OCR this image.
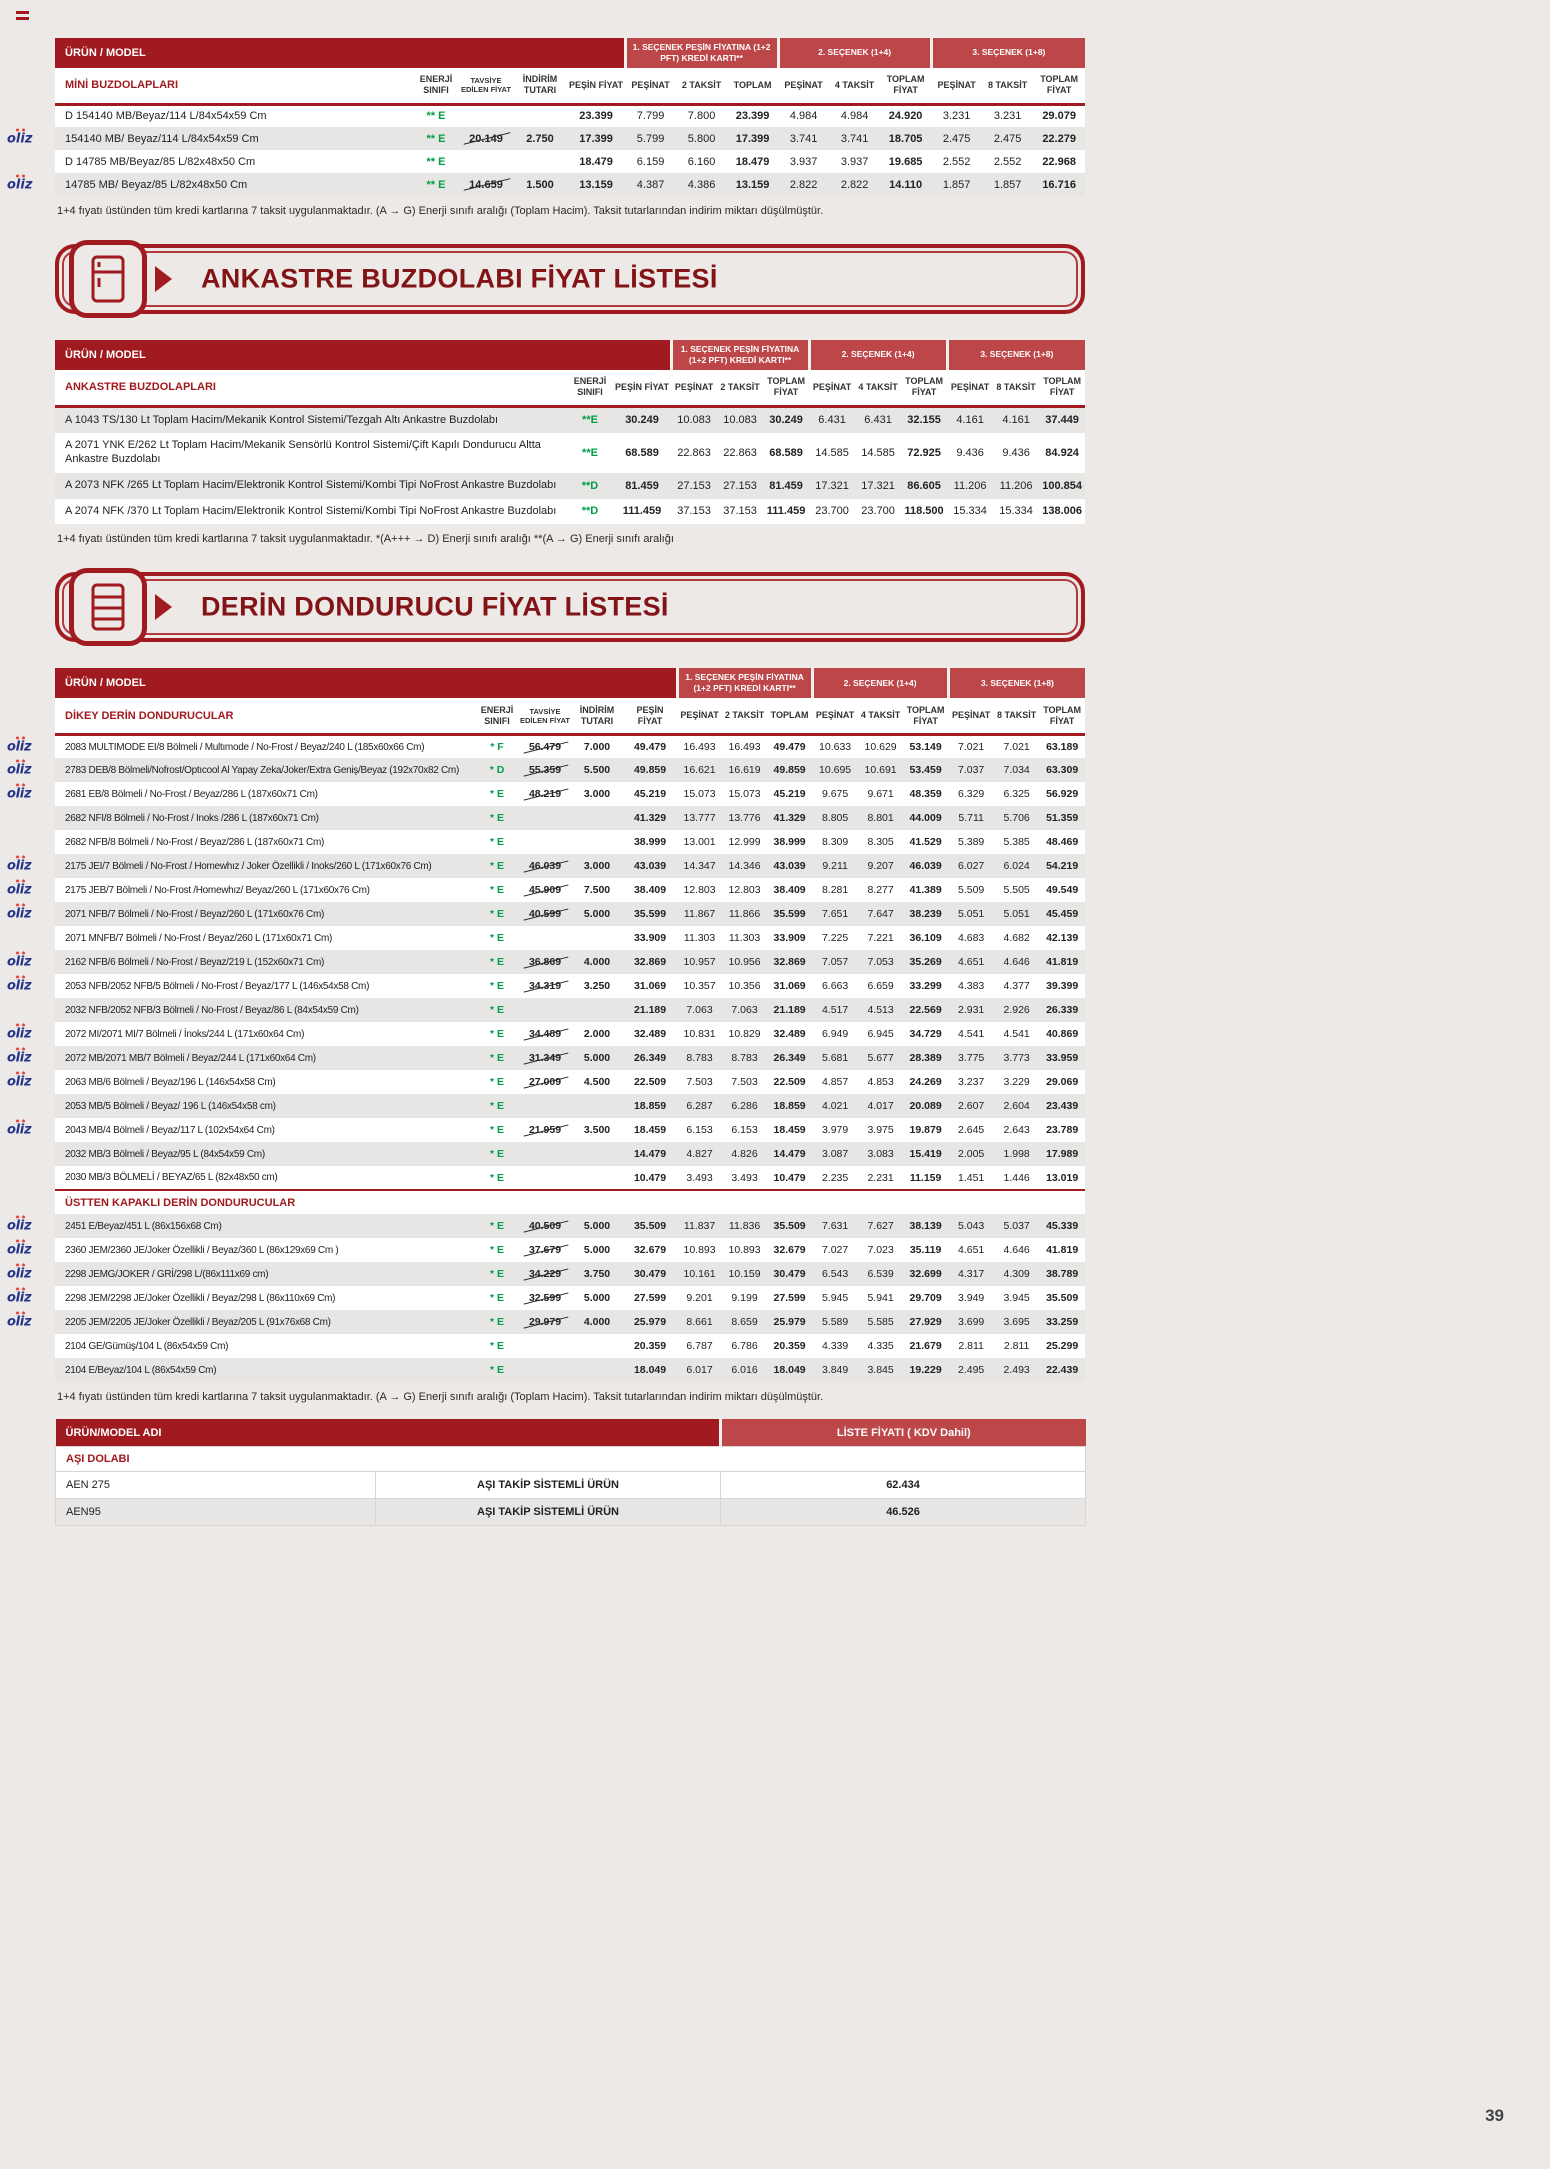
ÜRÜN / MODEL					1. SEÇENEK PEŞİN FİYATINA (1+2 PFT) KREDİ KARTI**			2. SEÇENEK (1+4)			3. SEÇENEK (1+8)		
MİNİ BUZDOLAPLARI	ENERJİ SINIFI	TAVSİYE EDİLEN FİYAT	İNDİRİM TUTARI	PEŞİN FİYAT	PEŞİNAT	2 TAKSİT	TOPLAM	PEŞİNAT	4 TAKSİT	TOPLAM FİYAT	PEŞİNAT	8 TAKSİT	TOPLAM FİYAT
D 154140 MB/Beyaz/114 L/84x54x59 Cm	** E			23.399	7.799	7.800	23.399	4.984	4.984	24.920	3.231	3.231	29.079

oliz 154140 MB/ Beyaz/114 L/84x54x59 Cm	** E	20.149	2.750	17.399	5.799	5.800	17.399	3.741	3.741	18.705	2.475	2.475	22.279
D 14785 MB/Beyaz/85 L/82x48x50 Cm	** E			18.479	6.159	6.160	18.479	3.937	3.937	19.685	2.552	2.552	22.968

oliz 14785 MB/ Beyaz/85 L/82x48x50 Cm	** E	14.659	1.500	13.159	4.387	4.386	13.159	2.822	2.822	14.110	1.857	1.857	16.716

1+4 fıyatı üstünden tüm kredi kartlarına 7 taksit uygulanmaktadır. (A → G) Enerji sınıfı aralığı (Toplam Hacim). Taksit tutarlarından indirim miktarı düşülmüştür.

ANKASTRE BUZDOLABI FİYAT LİSTESİ
ÜRÜN / MODEL			1. SEÇENEK PEŞİN FİYATINA (1+2 PFT) KREDİ KARTI**			2. SEÇENEK (1+4)			3. SEÇENEK (1+8)		
ANKASTRE BUZDOLAPLARI	ENERJİ SINIFI	PEŞİN FİYAT	PEŞİNAT	2 TAKSİT	TOPLAM FİYAT	PEŞİNAT	4 TAKSİT	TOPLAM FİYAT	PEŞİNAT	8 TAKSİT	TOPLAM FİYAT
A 1043 TS/130 Lt Toplam Hacim/Mekanik Kontrol Sistemi/Tezgah Altı Ankastre Buzdolabı	**E	30.249	10.083	10.083	30.249	6.431	6.431	32.155	4.161	4.161	37.449
A 2071 YNK E/262 Lt Toplam Hacim/Mekanik Sensörlü Kontrol Sistemi/Çift Kapılı Dondurucu Altta Ankastre Buzdolabı	**E	68.589	22.863	22.863	68.589	14.585	14.585	72.925	9.436	9.436	84.924
A 2073 NFK /265 Lt Toplam Hacim/Elektronik Kontrol Sistemi/Kombi Tipi NoFrost Ankastre Buzdolabı	**D	81.459	27.153	27.153	81.459	17.321	17.321	86.605	11.206	11.206	100.854
A 2074 NFK /370 Lt Toplam Hacim/Elektronik Kontrol Sistemi/Kombi Tipi NoFrost Ankastre Buzdolabı	**D	111.459	37.153	37.153	111.459	23.700	23.700	118.500	15.334	15.334	138.006

1+4 fıyatı üstünden tüm kredi kartlarına 7 taksit uygulanmaktadır. *(A+++ → D) Enerji sınıfı aralığı **(A → G) Enerji sınıfı aralığı

DERİN DONDURUCU FİYAT LİSTESİ
ÜRÜN / MODEL					1. SEÇENEK PEŞİN FİYATINA (1+2 PFT) KREDİ KARTI**			2. SEÇENEK (1+4)			3. SEÇENEK (1+8)		
DİKEY DERİN DONDURUCULAR	ENERJİ SINIFI	TAVSİYE EDİLEN FİYAT	İNDİRİM TUTARI	PEŞİN FİYAT	PEŞİNAT	2 TAKSİT	TOPLAM	PEŞİNAT	4 TAKSİT	TOPLAM FİYAT	PEŞİNAT	8 TAKSİT	TOPLAM FİYAT

oliz 2083 MULTIMODE EI/8 Bölmeli / Multımode / No-Frost / Beyaz/240 L (185x60x66 Cm)	* F	56.479	7.000	49.479	16.493	16.493	49.479	10.633	10.629	53.149	7.021	7.021	63.189

oliz 2783 DEB/8 Bölmeli/Nofrost/Optıcool Al Yapay Zeka/Joker/Extra Geniş/Beyaz (192x70x82 Cm)	* D	55.359	5.500	49.859	16.621	16.619	49.859	10.695	10.691	53.459	7.037	7.034	63.309

oliz 2681 EB/8 Bölmeli / No-Frost / Beyaz/286 L (187x60x71 Cm)	* E	48.219	3.000	45.219	15.073	15.073	45.219	9.675	9.671	48.359	6.329	6.325	56.929
2682 NFI/8 Bölmeli / No-Frost / Inoks /286 L (187x60x71 Cm)	* E			41.329	13.777	13.776	41.329	8.805	8.801	44.009	5.711	5.706	51.359
2682 NFB/8 Bölmeli / No-Frost / Beyaz/286 L (187x60x71 Cm)	* E			38.999	13.001	12.999	38.999	8.309	8.305	41.529	5.389	5.385	48.469

oliz 2175 JEI/7 Bölmeli / No-Frost / Homewhız / Joker Özellikli / Inoks/260 L (171x60x76 Cm)	* E	46.039	3.000	43.039	14.347	14.346	43.039	9.211	9.207	46.039	6.027	6.024	54.219

oliz 2175 JEB/7 Bölmeli / No-Frost /Homewhız/ Beyaz/260 L (171x60x76 Cm)	* E	45.909	7.500	38.409	12.803	12.803	38.409	8.281	8.277	41.389	5.509	5.505	49.549

oliz 2071 NFB/7 Bölmeli / No-Frost / Beyaz/260 L (171x60x76 Cm)	* E	40.599	5.000	35.599	11.867	11.866	35.599	7.651	7.647	38.239	5.051	5.051	45.459
2071 MNFB/7 Bölmeli / No-Frost / Beyaz/260 L (171x60x71 Cm)	* E			33.909	11.303	11.303	33.909	7.225	7.221	36.109	4.683	4.682	42.139

oliz 2162 NFB/6 Bölmeli / No-Frost / Beyaz/219 L (152x60x71 Cm)	* E	36.869	4.000	32.869	10.957	10.956	32.869	7.057	7.053	35.269	4.651	4.646	41.819

oliz 2053 NFB/2052 NFB/5 Bölmeli / No-Frost / Beyaz/177 L (146x54x58 Cm)	* E	34.319	3.250	31.069	10.357	10.356	31.069	6.663	6.659	33.299	4.383	4.377	39.399
2032 NFB/2052 NFB/3 Bölmeli / No-Frost / Beyaz/86 L (84x54x59 Cm)	* E			21.189	7.063	7.063	21.189	4.517	4.513	22.569	2.931	2.926	26.339

oliz 2072 MI/2071 MI/7 Bölmeli / İnoks/244 L (171x60x64 Cm)	* E	34.489	2.000	32.489	10.831	10.829	32.489	6.949	6.945	34.729	4.541	4.541	40.869

oliz 2072 MB/2071 MB/7 Bölmeli / Beyaz/244 L (171x60x64 Cm)	* E	31.349	5.000	26.349	8.783	8.783	26.349	5.681	5.677	28.389	3.775	3.773	33.959

oliz 2063 MB/6 Bölmeli / Beyaz/196 L (146x54x58 Cm)	* E	27.009	4.500	22.509	7.503	7.503	22.509	4.857	4.853	24.269	3.237	3.229	29.069
2053 MB/5 Bölmeli / Beyaz/ 196 L (146x54x58 cm)	* E			18.859	6.287	6.286	18.859	4.021	4.017	20.089	2.607	2.604	23.439

oliz 2043 MB/4 Bölmeli / Beyaz/117 L (102x54x64 Cm)	* E	21.959	3.500	18.459	6.153	6.153	18.459	3.979	3.975	19.879	2.645	2.643	23.789
2032 MB/3 Bölmeli / Beyaz/95 L (84x54x59 Cm)	* E			14.479	4.827	4.826	14.479	3.087	3.083	15.419	2.005	1.998	17.989
2030 MB/3 BÖLMELİ / BEYAZ/65 L (82x48x50 cm)	* E			10.479	3.493	3.493	10.479	2.235	2.231	11.159	1.451	1.446	13.019
ÜSTTEN KAPAKLI DERİN DONDURUCULAR													

oliz 2451 E/Beyaz/451 L (86x156x68 Cm)	* E	40.509	5.000	35.509	11.837	11.836	35.509	7.631	7.627	38.139	5.043	5.037	45.339

oliz 2360 JEM/2360 JE/Joker Özellikli / Beyaz/360 L (86x129x69 Cm )	* E	37.679	5.000	32.679	10.893	10.893	32.679	7.027	7.023	35.119	4.651	4.646	41.819

oliz 2298 JEMG/JOKER / GRİ/298 L/(86x111x69 cm)	* E	34.229	3.750	30.479	10.161	10.159	30.479	6.543	6.539	32.699	4.317	4.309	38.789

oliz 2298 JEM/2298 JE/Joker Özellikli / Beyaz/298 L (86x110x69 Cm)	* E	32.599	5.000	27.599	9.201	9.199	27.599	5.945	5.941	29.709	3.949	3.945	35.509

oliz 2205 JEM/2205 JE/Joker Özellikli / Beyaz/205 L (91x76x68 Cm)	* E	29.979	4.000	25.979	8.661	8.659	25.979	5.589	5.585	27.929	3.699	3.695	33.259
2104 GE/Gümüş/104 L (86x54x59 Cm)	* E			20.359	6.787	6.786	20.359	4.339	4.335	21.679	2.811	2.811	25.299
2104 E/Beyaz/104 L (86x54x59 Cm)	* E			18.049	6.017	6.016	18.049	3.849	3.845	19.229	2.495	2.493	22.439

1+4 fıyatı üstünden tüm kredi kartlarına 7 taksit uygulanmaktadır. (A → G) Enerji sınıfı aralığı (Toplam Hacim). Taksit tutarlarından indirim miktarı düşülmüştür.

ÜRÜN/MODEL ADI		LİSTE FİYATI ( KDV Dahil)
AŞI DOLABI		
AEN 275	AŞI TAKİP SİSTEMLİ ÜRÜN	62.434
AEN95	AŞI TAKİP SİSTEMLİ ÜRÜN	46.526
39
